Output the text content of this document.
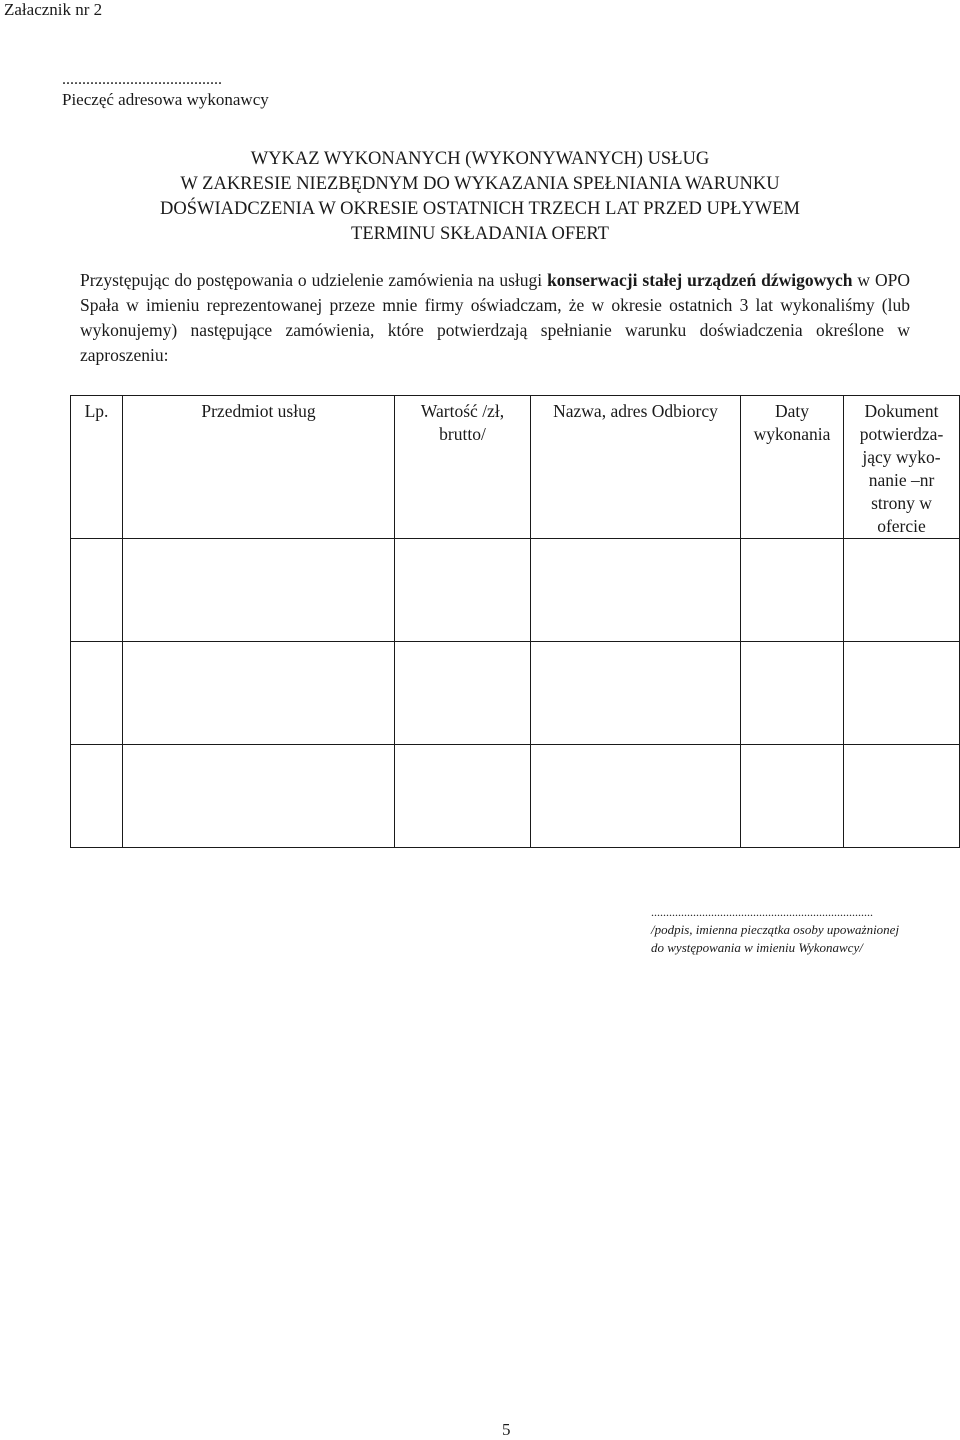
Załacznik nr 2
........................................
Pieczęć adresowa wykonawcy
WYKAZ WYKONANYCH (WYKONYWANYCH) USŁUG
W ZAKRESIE NIEZBĘDNYM DO WYKAZANIA SPEŁNIANIA WARUNKU
DOŚWIADCZENIA W OKRESIE OSTATNICH TRZECH LAT PRZED UPŁYWEM
TERMINU SKŁADANIA OFERT
Przystępując do postępowania o udzielenie zamówienia na usługi konserwacji stałej urządzeń dźwigowych w OPO Spała w imieniu reprezentowanej przeze mnie firmy oświadczam, że w okresie ostatnich 3 lat wykonaliśmy (lub wykonujemy) następujące zamówienia, które potwierdzają spełnianie warunku doświadczenia określone w zaproszeniu:
Lp.	Przedmiot usług	Wartość /zł, brutto/	Nazwa, adres Odbiorcy	Daty wykonania	Dokument potwierdza-jący wyko-nanie –nr strony w ofercie

..........................................................................
/podpis, imienna pieczątka osoby upoważnionej
do występowania w imieniu Wykonawcy/
5
